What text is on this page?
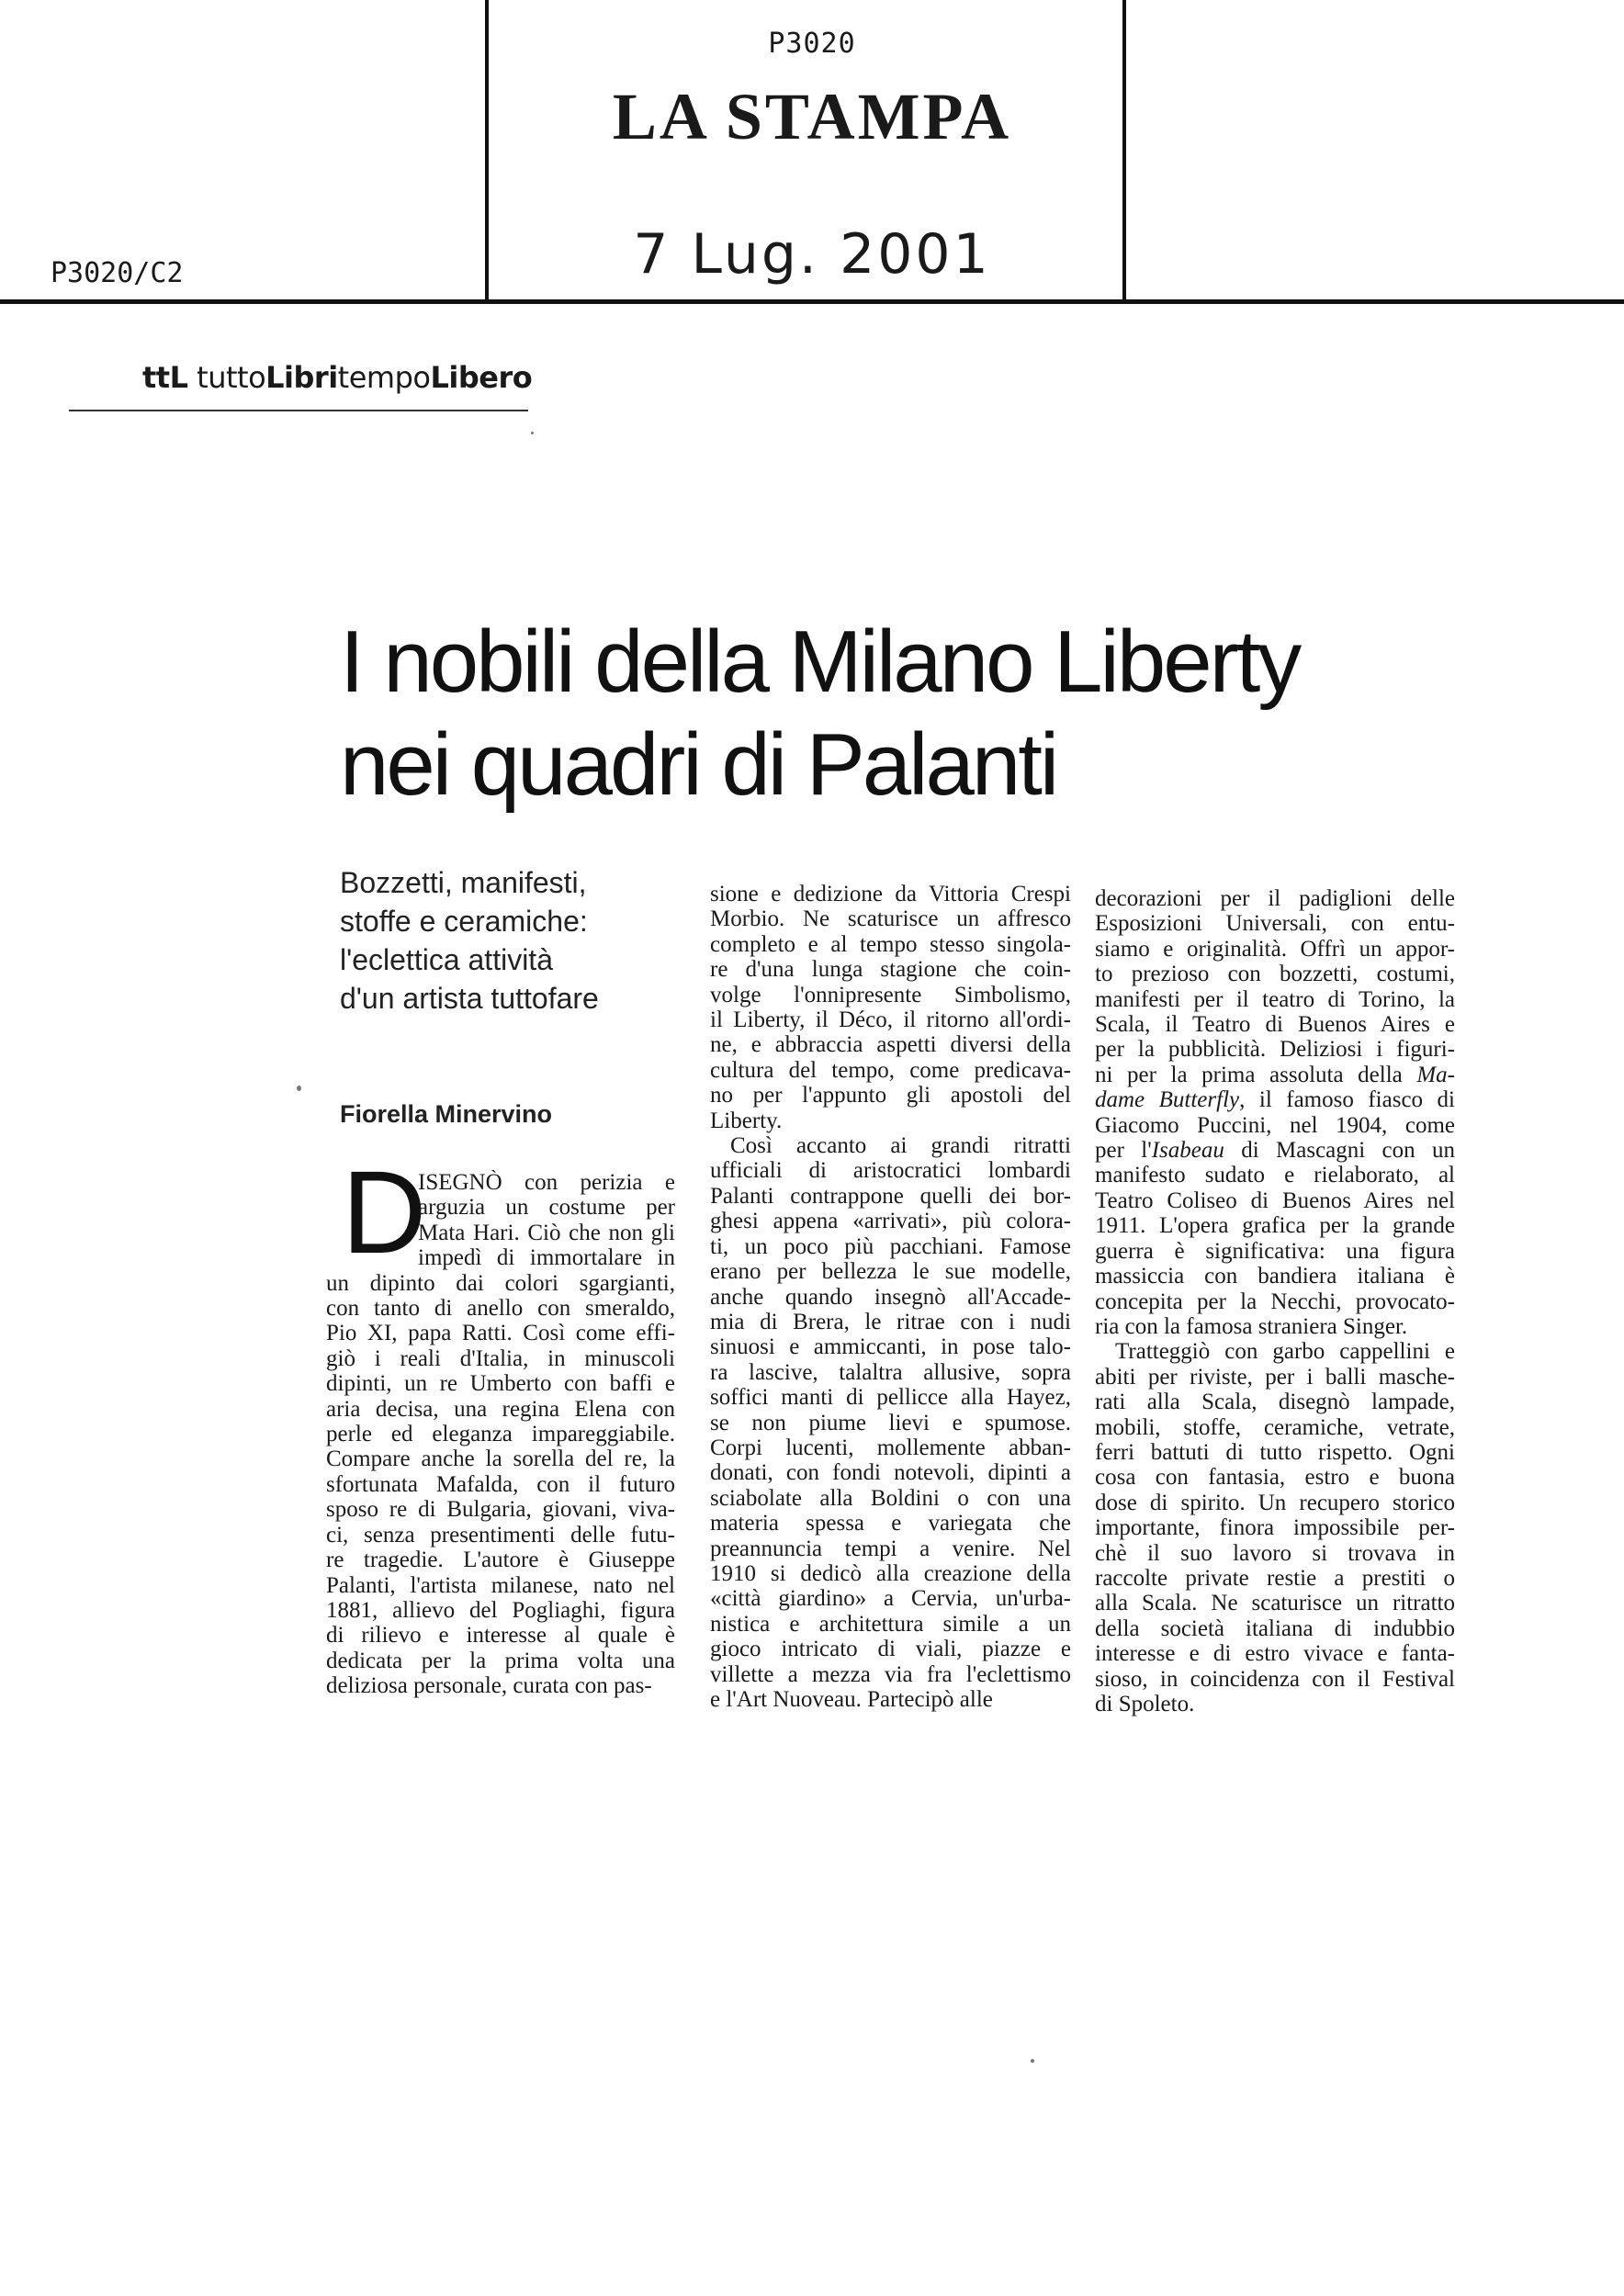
P3020
LA STAMPA
7 Lug. 2001
P3020/C2
ttL tuttoLibritempoLibero
I nobili della Milano Liberty
nei quadri di Palanti
Bozzetti, manifesti,
stoffe e ceramiche:
l'eclettica attività
d'un artista tuttofare
Fiorella Minervino
D
ISEGNÒ con perizia e
arguzia un costume per
Mata Hari. Ciò che non gli
impedì di immortalare in
un dipinto dai colori sgargianti,
con tanto di anello con smeraldo,
Pio XI, papa Ratti. Così come effi-
giò i reali d'Italia, in minuscoli
dipinti, un re Umberto con baffi e
aria decisa, una regina Elena con
perle ed eleganza impareggiabile.
Compare anche la sorella del re, la
sfortunata Mafalda, con il futuro
sposo re di Bulgaria, giovani, viva-
ci, senza presentimenti delle futu-
re tragedie. L'autore è Giuseppe
Palanti, l'artista milanese, nato nel
1881, allievo del Pogliaghi, figura
di rilievo e interesse al quale è
dedicata per la prima volta una
deliziosa personale, curata con pas-
sione e dedizione da Vittoria Crespi
Morbio. Ne scaturisce un affresco
completo e al tempo stesso singola-
re d'una lunga stagione che coin-
volge l'onnipresente Simbolismo,
il Liberty, il Déco, il ritorno all'ordi-
ne, e abbraccia aspetti diversi della
cultura del tempo, come predicava-
no per l'appunto gli apostoli del
Liberty.
Così accanto ai grandi ritratti
ufficiali di aristocratici lombardi
Palanti contrappone quelli dei bor-
ghesi appena «arrivati», più colora-
ti, un poco più pacchiani. Famose
erano per bellezza le sue modelle,
anche quando insegnò all'Accade-
mia di Brera, le ritrae con i nudi
sinuosi e ammiccanti, in pose talo-
ra lascive, talaltra allusive, sopra
soffici manti di pellicce alla Hayez,
se non piume lievi e spumose.
Corpi lucenti, mollemente abban-
donati, con fondi notevoli, dipinti a
sciabolate alla Boldini o con una
materia spessa e variegata che
preannuncia tempi a venire. Nel
1910 si dedicò alla creazione della
«città giardino» a Cervia, un'urba-
nistica e architettura simile a un
gioco intricato di viali, piazze e
villette a mezza via fra l'eclettismo
e l'Art Nuoveau. Partecipò alle
decorazioni per il padiglioni delle
Esposizioni Universali, con entu-
siamo e originalità. Offrì un appor-
to prezioso con bozzetti, costumi,
manifesti per il teatro di Torino, la
Scala, il Teatro di Buenos Aires e
per la pubblicità. Deliziosi i figuri-
ni per la prima assoluta della Ma-
dame Butterfly, il famoso fiasco di
Giacomo Puccini, nel 1904, come
per l'Isabeau di Mascagni con un
manifesto sudato e rielaborato, al
Teatro Coliseo di Buenos Aires nel
1911. L'opera grafica per la grande
guerra è significativa: una figura
massiccia con bandiera italiana è
concepita per la Necchi, provocato-
ria con la famosa straniera Singer.
Tratteggiò con garbo cappellini e
abiti per riviste, per i balli masche-
rati alla Scala, disegnò lampade,
mobili, stoffe, ceramiche, vetrate,
ferri battuti di tutto rispetto. Ogni
cosa con fantasia, estro e buona
dose di spirito. Un recupero storico
importante, finora impossibile per-
chè il suo lavoro si trovava in
raccolte private restie a prestiti o
alla Scala. Ne scaturisce un ritratto
della società italiana di indubbio
interesse e di estro vivace e fanta-
sioso, in coincidenza con il Festival
di Spoleto.
